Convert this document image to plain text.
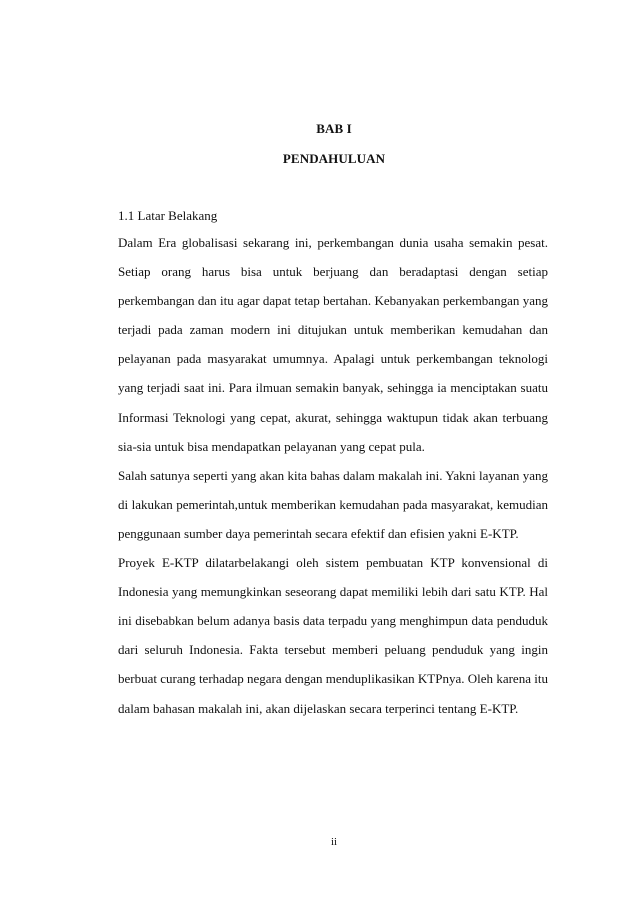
BAB I
PENDAHULUAN
1.1 Latar Belakang

Dalam Era globalisasi sekarang ini, perkembangan dunia usaha semakin pesat. Setiap orang harus bisa untuk berjuang dan beradaptasi dengan setiap perkembangan dan itu agar dapat tetap bertahan. Kebanyakan perkembangan yang terjadi pada zaman modern ini ditujukan untuk memberikan kemudahan dan pelayanan pada masyarakat umumnya. Apalagi untuk perkembangan teknologi yang terjadi saat ini. Para ilmuan semakin banyak, sehingga ia menciptakan suatu Informasi Teknologi yang cepat, akurat, sehingga waktupun tidak akan terbuang sia-sia untuk bisa mendapatkan pelayanan yang cepat pula.

Salah satunya seperti yang akan kita bahas dalam makalah ini. Yakni layanan yang di lakukan pemerintah,untuk memberikan kemudahan pada masyarakat, kemudian penggunaan sumber daya pemerintah secara efektif dan efisien yakni E-KTP.

Proyek E-KTP dilatarbelakangi oleh sistem pembuatan KTP konvensional di Indonesia yang memungkinkan seseorang dapat memiliki lebih dari satu KTP. Hal ini disebabkan belum adanya basis data terpadu yang menghimpun data penduduk dari seluruh Indonesia. Fakta tersebut memberi peluang penduduk yang ingin berbuat curang terhadap negara dengan menduplikasikan KTPnya. Oleh karena itu dalam bahasan makalah ini, akan dijelaskan secara terperinci tentang E-KTP.

ii
